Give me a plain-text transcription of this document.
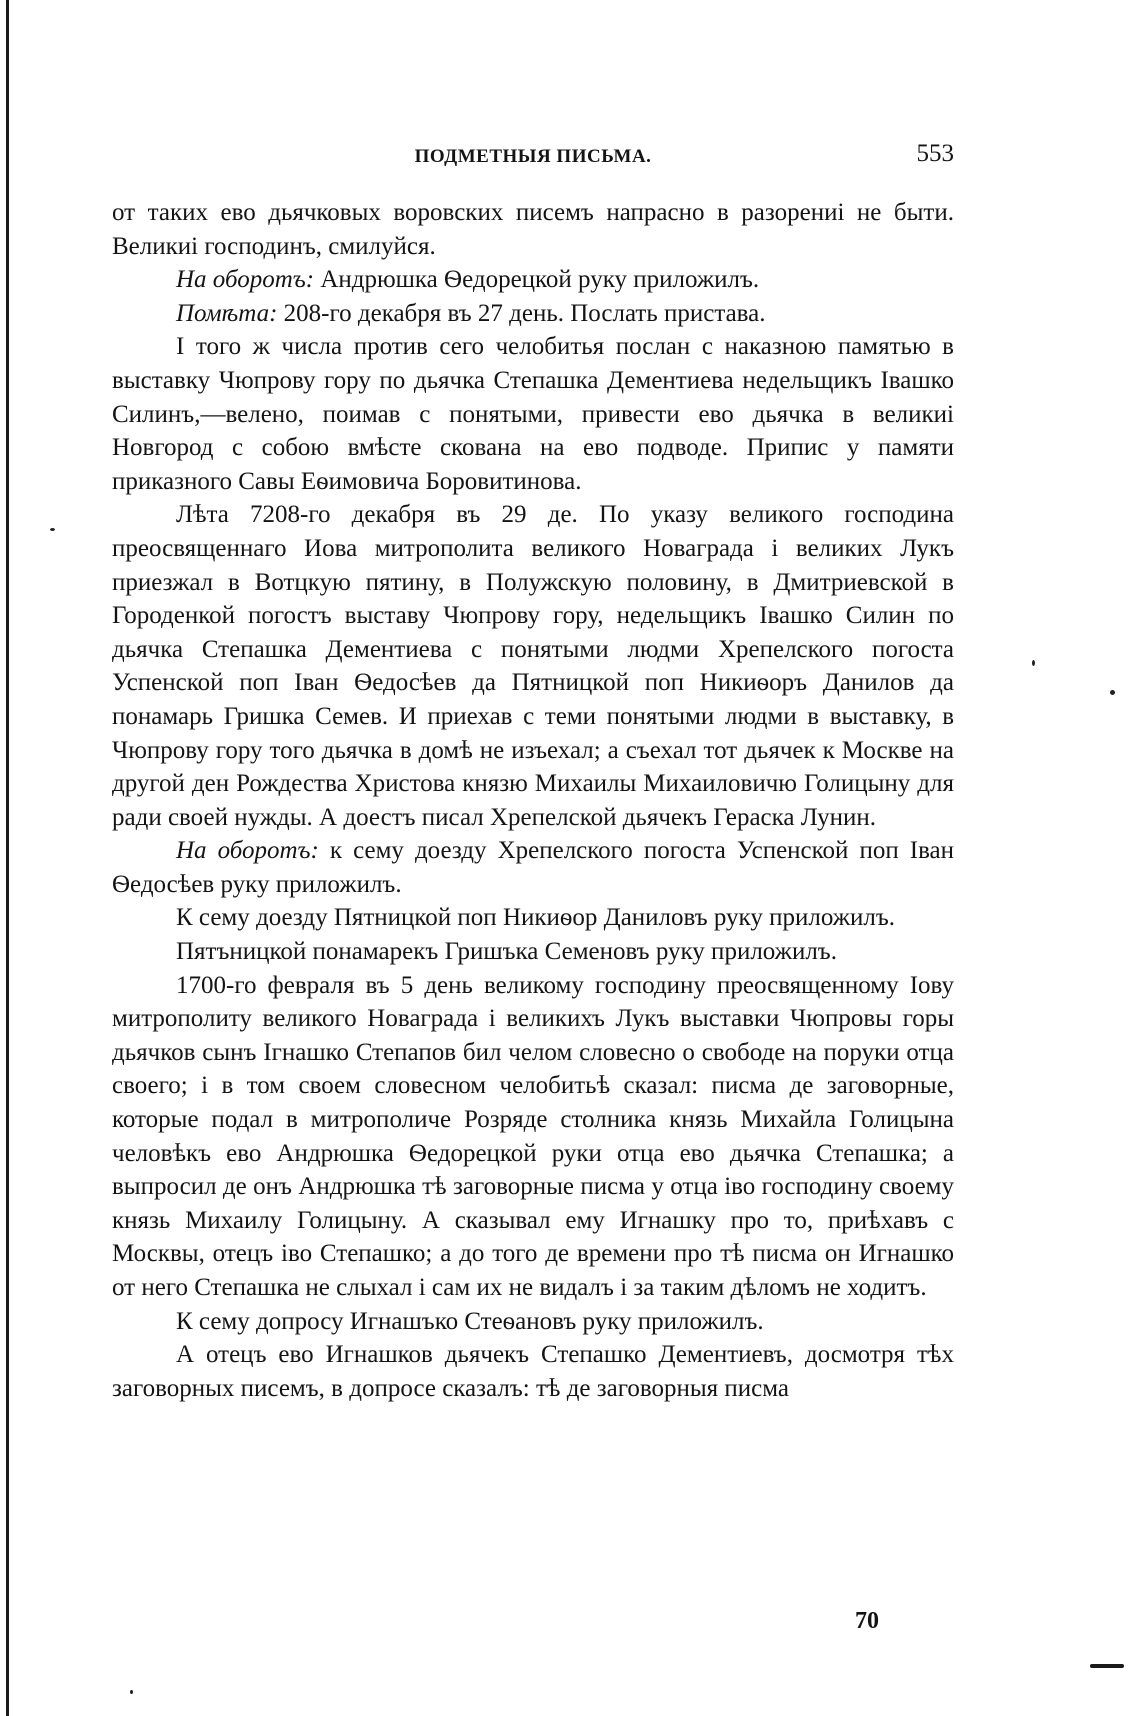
ПОДМЕТНЫЯ ПИСЬМА.	553

от таких ево дьячковых воровских писемъ напрасно в разорениі не быти. Великиі господинъ, смилуйся.

На оборотъ: Андрюшка Ѳедорецкой руку приложилъ.

Помѣта: 208-го декабря въ 27 день. Послать пристава.

І того ж числа против сего челобитья послан с наказною памятью в выставку Чюпрову гору по дьячка Степашка Дементиева недельщикъ Івашко Силинъ,—велено, поимав с понятыми, привести ево дьячка в великиі Новгород с собою вмѣсте скована на ево подводе. Припис у памяти приказного Савы Еѳимовича Боровитинова.

Лѣта 7208-го декабря въ 29 де. По указу великого господина преосвященнаго Иова митрополита великого Новаграда і великих Лукъ приезжал в Вотцкую пятину, в Полужскую половину, в Дмитриевской в Городенкой погостъ выставу Чюпрову гору, недельщикъ Івашко Силин по дьячка Степашка Дементиева с понятыми людми Хрепелского погоста Успенской поп Іван Ѳедосѣев да Пятницкой поп Никиѳоръ Данилов да понамарь Гришка Семев. И приехав с теми понятыми людми в выставку, в Чюпрову гору того дьячка в домѣ не изъехал; а съехал тот дьячек к Москве на другой ден Рождества Христова князю Михаилы Михаиловичю Голицыну для ради своей нужды. А доестъ писал Хрепелской дьячекъ Гераска Лунин.

На оборотъ: к сему доезду Хрепелского погоста Успенской поп Іван Ѳедосѣев руку приложилъ.

К сему доезду Пятницкой поп Никиѳор Даниловъ руку приложилъ.

Пятъницкой понамарекъ Гришъка Семеновъ руку приложилъ.

1700-го февраля въ 5 день великому господину преосвященному Іову митрополиту великого Новаграда і великихъ Лукъ выставки Чюпровы горы дьячков сынъ Ігнашко Степапов бил челом словесно о свободе на поруки отца своего; і в том своем словесном челобитьѣ сказал: писма де заговорные, которые подал в митрополиче Розряде столника князь Михайла Голицына человѣкъ ево Андрюшка Ѳедорецкой руки отца ево дьячка Степашка; а выпросил де онъ Андрюшка тѣ заговорные писма у отца іво господину своему князь Михаилу Голицыну. А сказывал ему Игнашку про то, приѣхавъ с Москвы, отецъ іво Степашко; а до того де времени про тѣ писма он Игнашко от него Степашка не слыхал і сам их не видалъ і за таким дѣломъ не ходитъ.

К сему допросу Игнашъко Стеѳановъ руку приложилъ.

А отецъ ево Игнашков дьячекъ Степашко Дементиевъ, досмотря тѣх заговорных писемъ, в допросе сказалъ: тѣ де заговорныя писма

70
